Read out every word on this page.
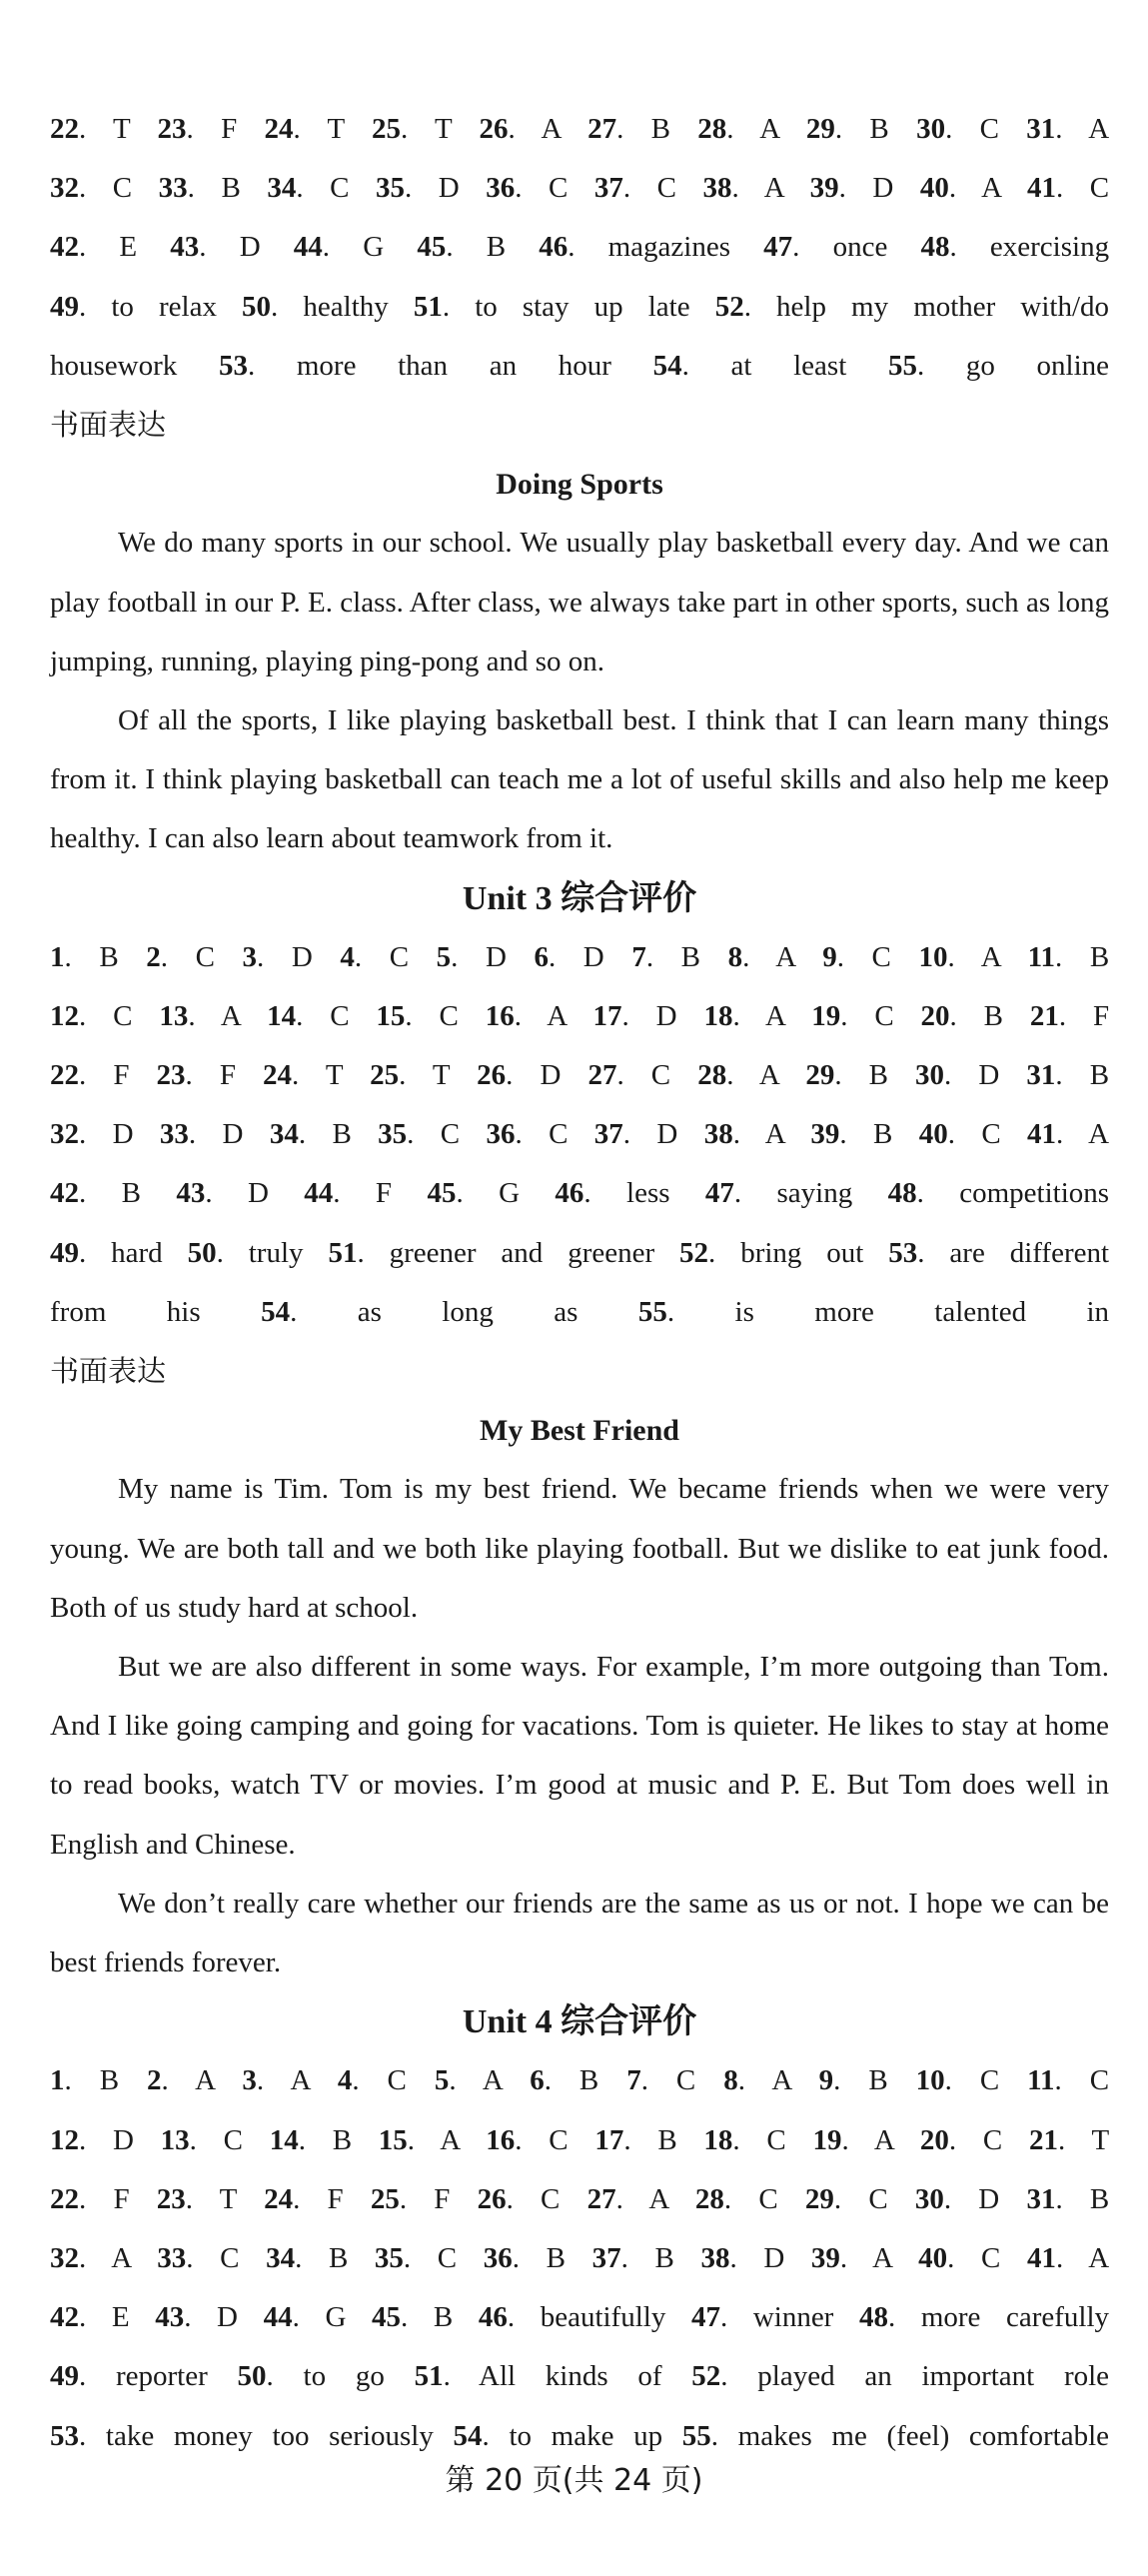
22. T 23. F 24. T 25. T 26. A 27. B 28. A 29. B 30. C 31. A
32. C 33. B 34. C 35. D 36. C 37. C 38. A 39. D 40. A 41. C
42. E 43. D 44. G 45. B 46. magazines 47. once 48. exercising
49. to relax 50. healthy 51. to stay up late 52. help my mother with/do
housework 53. more than an hour 54. at least 55. go online
书面表达
Doing Sports
We do many sports in our school. We usually play basketball every day. And we can play football in our P. E. class. After class, we always take part in other sports, such as long jumping, running, playing ping-pong and so on.
Of all the sports, I like playing basketball best. I think that I can learn many things from it. I think playing basketball can teach me a lot of useful skills and also help me keep healthy. I can also learn about teamwork from it.
Unit 3 综合评价
1. B 2. C 3. D 4. C 5. D 6. D 7. B 8. A 9. C 10. A 11. B
12. C 13. A 14. C 15. C 16. A 17. D 18. A 19. C 20. B 21. F
22. F 23. F 24. T 25. T 26. D 27. C 28. A 29. B 30. D 31. B
32. D 33. D 34. B 35. C 36. C 37. D 38. A 39. B 40. C 41. A
42. B 43. D 44. F 45. G 46. less 47. saying 48. competitions
49. hard 50. truly 51. greener and greener 52. bring out 53. are different
from his 54. as long as 55. is more talented in
书面表达
My Best Friend
My name is Tim. Tom is my best friend. We became friends when we were very young. We are both tall and we both like playing football. But we dislike to eat junk food. Both of us study hard at school.
But we are also different in some ways. For example, I’m more outgoing than Tom. And I like going camping and going for vacations. Tom is quieter. He likes to stay at home to read books, watch TV or movies. I’m good at music and P. E. But Tom does well in English and Chinese.
We don’t really care whether our friends are the same as us or not. I hope we can be best friends forever.
Unit 4 综合评价
1. B 2. A 3. A 4. C 5. A 6. B 7. C 8. A 9. B 10. C 11. C
12. D 13. C 14. B 15. A 16. C 17. B 18. C 19. A 20. C 21. T
22. F 23. T 24. F 25. F 26. C 27. A 28. C 29. C 30. D 31. B
32. A 33. C 34. B 35. C 36. B 37. B 38. D 39. A 40. C 41. A
42. E 43. D 44. G 45. B 46. beautifully 47. winner 48. more carefully
49. reporter 50. to go 51. All kinds of 52. played an important role
53. take money too seriously 54. to make up 55. makes me (feel) comfortable
第 20 页(共 24 页)
